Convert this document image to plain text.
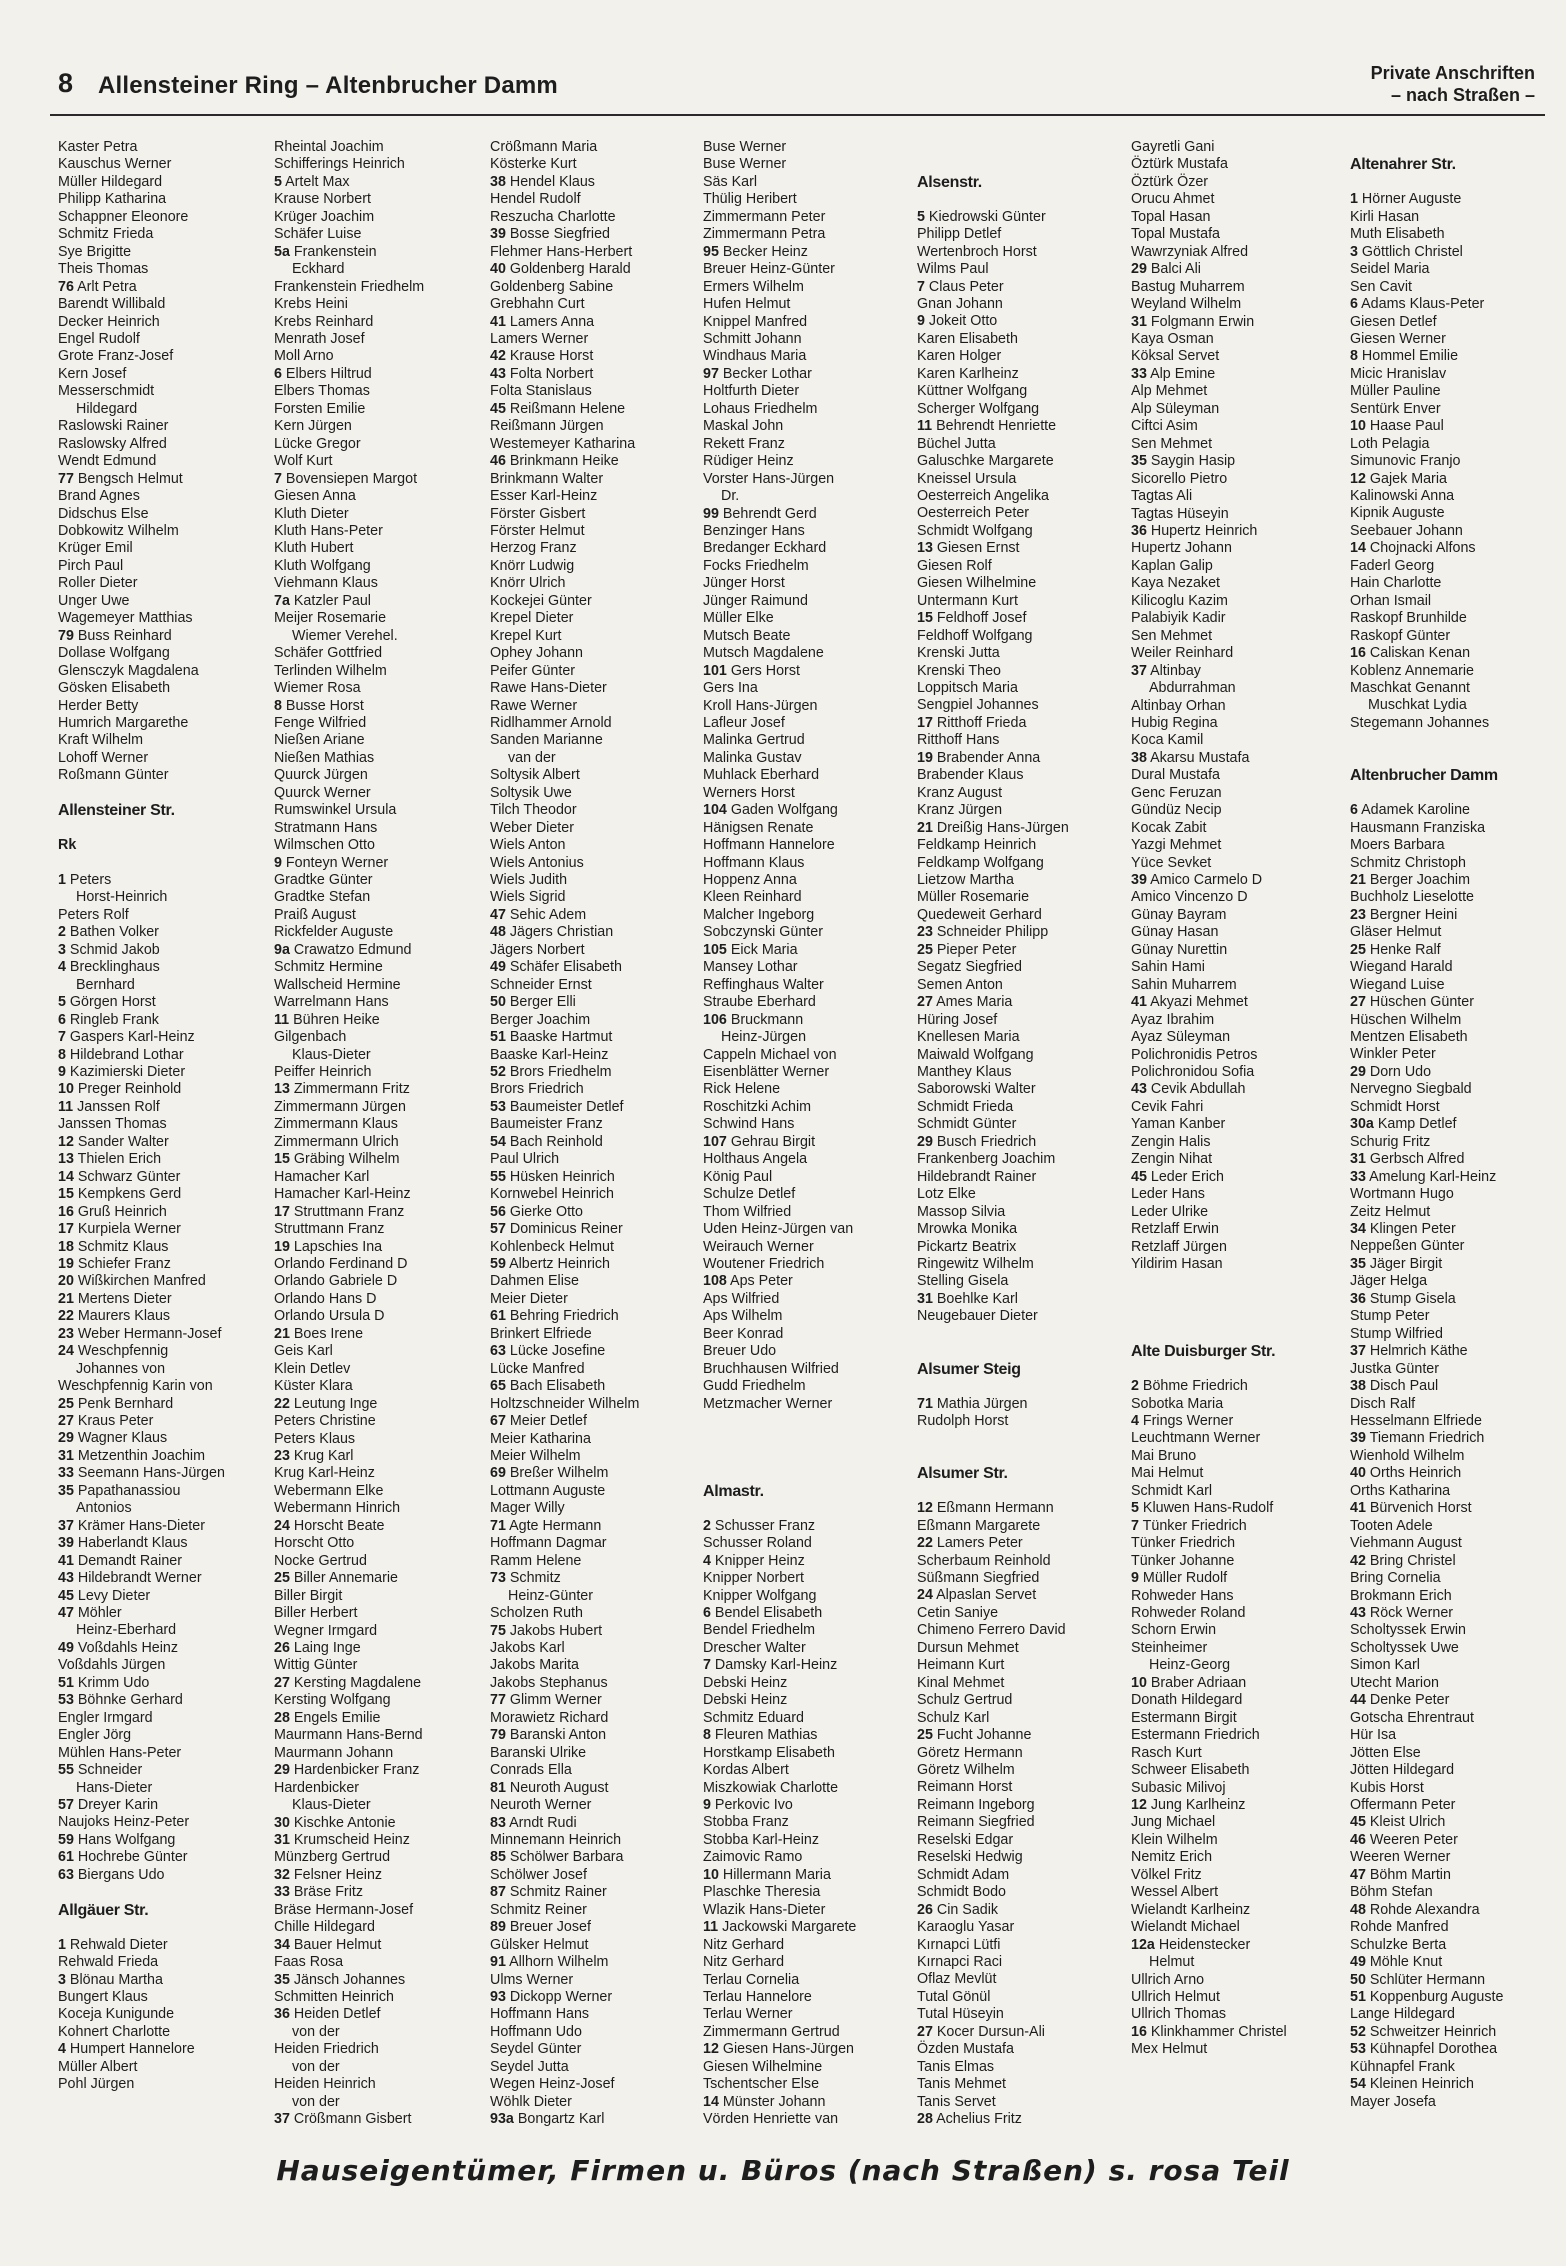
8 Allensteiner Ring – Altenbrucher Damm	Private Anschriften
– nach Straßen –
Kaster Petra
Kauschus Werner
Müller Hildegard
Philipp Katharina
Schappner Eleonore
Schmitz Frieda
Sye Brigitte
Theis Thomas
76 Arlt Petra
Barendt Willibald
Decker Heinrich
Engel Rudolf
Grote Franz-Josef
Kern Josef
Messerschmidt
Hildegard
Raslowski Rainer
Raslowsky Alfred
Wendt Edmund
77 Bengsch Helmut
Brand Agnes
Didschus Else
Dobkowitz Wilhelm
Krüger Emil
Pirch Paul
Roller Dieter
Unger Uwe
Wagemeyer Matthias
79 Buss Reinhard
Dollase Wolfgang
Glensczyk Magdalena
Gösken Elisabeth
Herder Betty
Humrich Margarethe
Kraft Wilhelm
Lohoff Werner
Roßmann Günter
Allensteiner Str.
Rk
1 Peters
Horst-Heinrich
Peters Rolf
2 Bathen Volker
3 Schmid Jakob
4 Brecklinghaus
Bernhard
5 Görgen Horst
6 Ringleb Frank
7 Gaspers Karl-Heinz
8 Hildebrand Lothar
9 Kazimierski Dieter
10 Preger Reinhold
11 Janssen Rolf
Janssen Thomas
12 Sander Walter
13 Thielen Erich
14 Schwarz Günter
15 Kempkens Gerd
16 Gruß Heinrich
17 Kurpiela Werner
18 Schmitz Klaus
19 Schiefer Franz
20 Wißkirchen Manfred
21 Mertens Dieter
22 Maurers Klaus
23 Weber Hermann-Josef
24 Weschpfennig
Johannes von
Weschpfennig Karin von
25 Penk Bernhard
27 Kraus Peter
29 Wagner Klaus
31 Metzenthin Joachim
33 Seemann Hans-Jürgen
35 Papathanassiou
Antonios
37 Krämer Hans-Dieter
39 Haberlandt Klaus
41 Demandt Rainer
43 Hildebrandt Werner
45 Levy Dieter
47 Möhler
Heinz-Eberhard
49 Voßdahls Heinz
Voßdahls Jürgen
51 Krimm Udo
53 Böhnke Gerhard
Engler Irmgard
Engler Jörg
Mühlen Hans-Peter
55 Schneider
Hans-Dieter
57 Dreyer Karin
Naujoks Heinz-Peter
59 Hans Wolfgang
61 Hochrebe Günter
63 Biergans Udo
Allgäuer Str.
1 Rehwald Dieter
Rehwald Frieda
3 Blönau Martha
Bungert Klaus
Koceja Kunigunde
Kohnert Charlotte
4 Humpert Hannelore
Müller Albert
Pohl Jürgen
Rheintal Joachim
Schifferings Heinrich
5 Artelt Max
Krause Norbert
Krüger Joachim
Schäfer Luise
5a Frankenstein
Eckhard
Frankenstein Friedhelm
Krebs Heini
Krebs Reinhard
Menrath Josef
Moll Arno
6 Elbers Hiltrud
Elbers Thomas
Forsten Emilie
Kern Jürgen
Lücke Gregor
Wolf Kurt
7 Bovensiepen Margot
Giesen Anna
Kluth Dieter
Kluth Hans-Peter
Kluth Hubert
Kluth Wolfgang
Viehmann Klaus
7a Katzler Paul
Meijer Rosemarie
Wiemer Verehel.
Schäfer Gottfried
Terlinden Wilhelm
Wiemer Rosa
8 Busse Horst
Fenge Wilfried
Nießen Ariane
Nießen Mathias
Quurck Jürgen
Quurck Werner
Rumswinkel Ursula
Stratmann Hans
Wilmschen Otto
9 Fonteyn Werner
Gradtke Günter
Gradtke Stefan
Praiß August
Rickfelder Auguste
9a Crawatzo Edmund
Schmitz Hermine
Wallscheid Hermine
Warrelmann Hans
11 Bühren Heike
Gilgenbach
Klaus-Dieter
Peiffer Heinrich
13 Zimmermann Fritz
Zimmermann Jürgen
Zimmermann Klaus
Zimmermann Ulrich
15 Gräbing Wilhelm
Hamacher Karl
Hamacher Karl-Heinz
17 Struttmann Franz
Struttmann Franz
19 Lapschies Ina
Orlando Ferdinand D
Orlando Gabriele D
Orlando Hans D
Orlando Ursula D
21 Boes Irene
Geis Karl
Klein Detlev
Küster Klara
22 Leutung Inge
Peters Christine
Peters Klaus
23 Krug Karl
Krug Karl-Heinz
Webermann Elke
Webermann Hinrich
24 Horscht Beate
Horscht Otto
Nocke Gertrud
25 Biller Annemarie
Biller Birgit
Biller Herbert
Wegner Irmgard
26 Laing Inge
Wittig Günter
27 Kersting Magdalene
Kersting Wolfgang
28 Engels Emilie
Maurmann Hans-Bernd
Maurmann Johann
29 Hardenbicker Franz
Hardenbicker
Klaus-Dieter
30 Kischke Antonie
31 Krumscheid Heinz
Münzberg Gertrud
32 Felsner Heinz
33 Bräse Fritz
Bräse Hermann-Josef
Chille Hildegard
34 Bauer Helmut
Faas Rosa
35 Jänsch Johannes
Schmitten Heinrich
36 Heiden Detlef
von der
Heiden Friedrich
von der
Heiden Heinrich
von der
37 Crößmann Gisbert
Crößmann Maria
Kösterke Kurt
38 Hendel Klaus
Hendel Rudolf
Reszucha Charlotte
39 Bosse Siegfried
Flehmer Hans-Herbert
40 Goldenberg Harald
Goldenberg Sabine
Grebhahn Curt
41 Lamers Anna
Lamers Werner
42 Krause Horst
43 Folta Norbert
Folta Stanislaus
45 Reißmann Helene
Reißmann Jürgen
Westemeyer Katharina
46 Brinkmann Heike
Brinkmann Walter
Esser Karl-Heinz
Förster Gisbert
Förster Helmut
Herzog Franz
Knörr Ludwig
Knörr Ulrich
Kockejei Günter
Krepel Dieter
Krepel Kurt
Ophey Johann
Peifer Günter
Rawe Hans-Dieter
Rawe Werner
Ridlhammer Arnold
Sanden Marianne
van der
Soltysik Albert
Soltysik Uwe
Tilch Theodor
Weber Dieter
Wiels Anton
Wiels Antonius
Wiels Judith
Wiels Sigrid
47 Sehic Adem
48 Jägers Christian
Jägers Norbert
49 Schäfer Elisabeth
Schneider Ernst
50 Berger Elli
Berger Joachim
51 Baaske Hartmut
Baaske Karl-Heinz
52 Brors Friedhelm
Brors Friedrich
53 Baumeister Detlef
Baumeister Franz
54 Bach Reinhold
Paul Ulrich
55 Hüsken Heinrich
Kornwebel Heinrich
56 Gierke Otto
57 Dominicus Reiner
Kohlenbeck Helmut
59 Albertz Heinrich
Dahmen Elise
Meier Dieter
61 Behring Friedrich
Brinkert Elfriede
63 Lücke Josefine
Lücke Manfred
65 Bach Elisabeth
Holtzschneider Wilhelm
67 Meier Detlef
Meier Katharina
Meier Wilhelm
69 Breßer Wilhelm
Lottmann Auguste
Mager Willy
71 Agte Hermann
Hoffmann Dagmar
Ramm Helene
73 Schmitz
Heinz-Günter
Scholzen Ruth
75 Jakobs Hubert
Jakobs Karl
Jakobs Marita
Jakobs Stephanus
77 Glimm Werner
Morawietz Richard
79 Baranski Anton
Baranski Ulrike
Conrads Ella
81 Neuroth August
Neuroth Werner
83 Arndt Rudi
Minnemann Heinrich
85 Schölwer Barbara
Schölwer Josef
87 Schmitz Rainer
Schmitz Reiner
89 Breuer Josef
Gülsker Helmut
91 Allhorn Wilhelm
Ulms Werner
93 Dickopp Werner
Hoffmann Hans
Hoffmann Udo
Seydel Günter
Seydel Jutta
Wegen Heinz-Josef
Wöhlk Dieter
93a Bongartz Karl
Buse Werner
Buse Werner
Säs Karl
Thülig Heribert
Zimmermann Peter
Zimmermann Petra
95 Becker Heinz
Breuer Heinz-Günter
Ermers Wilhelm
Hufen Helmut
Knippel Manfred
Schmitt Johann
Windhaus Maria
97 Becker Lothar
Holtfurth Dieter
Lohaus Friedhelm
Maskal John
Rekett Franz
Rüdiger Heinz
Vorster Hans-Jürgen
Dr.
99 Behrendt Gerd
Benzinger Hans
Bredanger Eckhard
Focks Friedhelm
Jünger Horst
Jünger Raimund
Müller Elke
Mutsch Beate
Mutsch Magdalene
101 Gers Horst
Gers Ina
Kroll Hans-Jürgen
Lafleur Josef
Malinka Gertrud
Malinka Gustav
Muhlack Eberhard
Werners Horst
104 Gaden Wolfgang
Hänigsen Renate
Hoffmann Hannelore
Hoffmann Klaus
Hoppenz Anna
Kleen Reinhard
Malcher Ingeborg
Sobczynski Günter
105 Eick Maria
Mansey Lothar
Reffinghaus Walter
Straube Eberhard
106 Bruckmann
Heinz-Jürgen
Cappeln Michael von
Eisenblätter Werner
Rick Helene
Roschitzki Achim
Schwind Hans
107 Gehrau Birgit
Holthaus Angela
König Paul
Schulze Detlef
Thom Wilfried
Uden Heinz-Jürgen van
Weirauch Werner
Woutener Friedrich
108 Aps Peter
Aps Wilfried
Aps Wilhelm
Beer Konrad
Breuer Udo
Bruchhausen Wilfried
Gudd Friedhelm
Metzmacher Werner
Almastr.
2 Schusser Franz
Schusser Roland
4 Knipper Heinz
Knipper Norbert
Knipper Wolfgang
6 Bendel Elisabeth
Bendel Friedhelm
Drescher Walter
7 Damsky Karl-Heinz
Debski Heinz
Debski Heinz
Schmitz Eduard
8 Fleuren Mathias
Horstkamp Elisabeth
Kordas Albert
Miszkowiak Charlotte
9 Perkovic Ivo
Stobba Franz
Stobba Karl-Heinz
Zaimovic Ramo
10 Hillermann Maria
Plaschke Theresia
Wlazik Hans-Dieter
11 Jackowski Margarete
Nitz Gerhard
Nitz Gerhard
Terlau Cornelia
Terlau Hannelore
Terlau Werner
Zimmermann Gertrud
12 Giesen Hans-Jürgen
Giesen Wilhelmine
Tschentscher Else
14 Münster Johann
Vörden Henriette van
Alsenstr.
5 Kiedrowski Günter
Philipp Detlef
Wertenbroch Horst
Wilms Paul
7 Claus Peter
Gnan Johann
9 Jokeit Otto
Karen Elisabeth
Karen Holger
Karen Karlheinz
Küttner Wolfgang
Scherger Wolfgang
11 Behrendt Henriette
Büchel Jutta
Galuschke Margarete
Kneissel Ursula
Oesterreich Angelika
Oesterreich Peter
Schmidt Wolfgang
13 Giesen Ernst
Giesen Rolf
Giesen Wilhelmine
Untermann Kurt
15 Feldhoff Josef
Feldhoff Wolfgang
Krenski Jutta
Krenski Theo
Loppitsch Maria
Sengpiel Johannes
17 Ritthoff Frieda
Ritthoff Hans
19 Brabender Anna
Brabender Klaus
Kranz August
Kranz Jürgen
21 Dreißig Hans-Jürgen
Feldkamp Heinrich
Feldkamp Wolfgang
Lietzow Martha
Müller Rosemarie
Quedeweit Gerhard
23 Schneider Philipp
25 Pieper Peter
Segatz Siegfried
Semen Anton
27 Ames Maria
Hüring Josef
Knellesen Maria
Maiwald Wolfgang
Manthey Klaus
Saborowski Walter
Schmidt Frieda
Schmidt Günter
29 Busch Friedrich
Frankenberg Joachim
Hildebrandt Rainer
Lotz Elke
Massop Silvia
Mrowka Monika
Pickartz Beatrix
Ringewitz Wilhelm
Stelling Gisela
31 Boehlke Karl
Neugebauer Dieter
Alsumer Steig
71 Mathia Jürgen
Rudolph Horst
Alsumer Str.
12 Eßmann Hermann
Eßmann Margarete
22 Lamers Peter
Scherbaum Reinhold
Süßmann Siegfried
24 Alpaslan Servet
Cetin Saniye
Chimeno Ferrero David
Dursun Mehmet
Heimann Kurt
Kinal Mehmet
Schulz Gertrud
Schulz Karl
25 Fucht Johanne
Göretz Hermann
Göretz Wilhelm
Reimann Horst
Reimann Ingeborg
Reimann Siegfried
Reselski Edgar
Reselski Hedwig
Schmidt Adam
Schmidt Bodo
26 Cin Sadik
Karaoglu Yasar
Kırnapci Lütfi
Kırnapci Raci
Oflaz Mevlüt
Tutal Gönül
Tutal Hüseyin
27 Kocer Dursun-Ali
Özden Mustafa
Tanis Elmas
Tanis Mehmet
Tanis Servet
28 Achelius Fritz
Gayretli Gani
Öztürk Mustafa
Öztürk Özer
Orucu Ahmet
Topal Hasan
Topal Mustafa
Wawrzyniak Alfred
29 Balci Ali
Bastug Muharrem
Weyland Wilhelm
31 Folgmann Erwin
Kaya Osman
Köksal Servet
33 Alp Emine
Alp Mehmet
Alp Süleyman
Ciftci Asim
Sen Mehmet
35 Saygin Hasip
Sicorello Pietro
Tagtas Ali
Tagtas Hüseyin
36 Hupertz Heinrich
Hupertz Johann
Kaplan Galip
Kaya Nezaket
Kilicoglu Kazim
Palabiyik Kadir
Sen Mehmet
Weiler Reinhard
37 Altinbay
Abdurrahman
Altinbay Orhan
Hubig Regina
Koca Kamil
38 Akarsu Mustafa
Dural Mustafa
Genc Feruzan
Gündüz Necip
Kocak Zabit
Yazgi Mehmet
Yüce Sevket
39 Amico Carmelo D
Amico Vincenzo D
Günay Bayram
Günay Hasan
Günay Nurettin
Sahin Hami
Sahin Muharrem
41 Akyazi Mehmet
Ayaz Ibrahim
Ayaz Süleyman
Polichronidis Petros
Polichronidou Sofia
43 Cevik Abdullah
Cevik Fahri
Yaman Kanber
Zengin Halis
Zengin Nihat
45 Leder Erich
Leder Hans
Leder Ulrike
Retzlaff Erwin
Retzlaff Jürgen
Yildirim Hasan
Alte Duisburger Str.
2 Böhme Friedrich
Sobotka Maria
4 Frings Werner
Leuchtmann Werner
Mai Bruno
Mai Helmut
Schmidt Karl
5 Kluwen Hans-Rudolf
7 Tünker Friedrich
Tünker Friedrich
Tünker Johanne
9 Müller Rudolf
Rohweder Hans
Rohweder Roland
Schorn Erwin
Steinheimer
Heinz-Georg
10 Braber Adriaan
Donath Hildegard
Estermann Birgit
Estermann Friedrich
Rasch Kurt
Schweer Elisabeth
Subasic Milivoj
12 Jung Karlheinz
Jung Michael
Klein Wilhelm
Nemitz Erich
Völkel Fritz
Wessel Albert
Wielandt Karlheinz
Wielandt Michael
12a Heidenstecker
Helmut
Ullrich Arno
Ullrich Helmut
Ullrich Thomas
16 Klinkhammer Christel
Mex Helmut
Altenahrer Str.
1 Hörner Auguste
Kirli Hasan
Muth Elisabeth
3 Göttlich Christel
Seidel Maria
Sen Cavit
6 Adams Klaus-Peter
Giesen Detlef
Giesen Werner
8 Hommel Emilie
Micic Hranislav
Müller Pauline
Sentürk Enver
10 Haase Paul
Loth Pelagia
Simunovic Franjo
12 Gajek Maria
Kalinowski Anna
Kipnik Auguste
Seebauer Johann
14 Chojnacki Alfons
Faderl Georg
Hain Charlotte
Orhan Ismail
Raskopf Brunhilde
Raskopf Günter
16 Caliskan Kenan
Koblenz Annemarie
Maschkat Genannt
Muschkat Lydia
Stegemann Johannes
Altenbrucher Damm
6 Adamek Karoline
Hausmann Franziska
Moers Barbara
Schmitz Christoph
21 Berger Joachim
Buchholz Lieselotte
23 Bergner Heini
Gläser Helmut
25 Henke Ralf
Wiegand Harald
Wiegand Luise
27 Hüschen Günter
Hüschen Wilhelm
Mentzen Elisabeth
Winkler Peter
29 Dorn Udo
Nervegno Siegbald
Schmidt Horst
30a Kamp Detlef
Schurig Fritz
31 Gerbsch Alfred
33 Amelung Karl-Heinz
Wortmann Hugo
Zeitz Helmut
34 Klingen Peter
Neppeßen Günter
35 Jäger Birgit
Jäger Helga
36 Stump Gisela
Stump Peter
Stump Wilfried
37 Helmrich Käthe
Justka Günter
38 Disch Paul
Disch Ralf
Hesselmann Elfriede
39 Tiemann Friedrich
Wienhold Wilhelm
40 Orths Heinrich
Orths Katharina
41 Bürvenich Horst
Tooten Adele
Viehmann August
42 Bring Christel
Bring Cornelia
Brokmann Erich
43 Röck Werner
Scholtyssek Erwin
Scholtyssek Uwe
Simon Karl
Utecht Marion
44 Denke Peter
Gotscha Ehrentraut
Hür Isa
Jötten Else
Jötten Hildegard
Kubis Horst
Offermann Peter
45 Kleist Ulrich
46 Weeren Peter
Weeren Werner
47 Böhm Martin
Böhm Stefan
48 Rohde Alexandra
Rohde Manfred
Schulzke Berta
49 Möhle Knut
50 Schlüter Hermann
51 Koppenburg Auguste
Lange Hildegard
52 Schweitzer Heinrich
53 Kühnapfel Dorothea
Kühnapfel Frank
54 Kleinen Heinrich
Mayer Josefa
Hauseigentümer, Firmen u. Büros (nach Straßen) s. rosa Teil
